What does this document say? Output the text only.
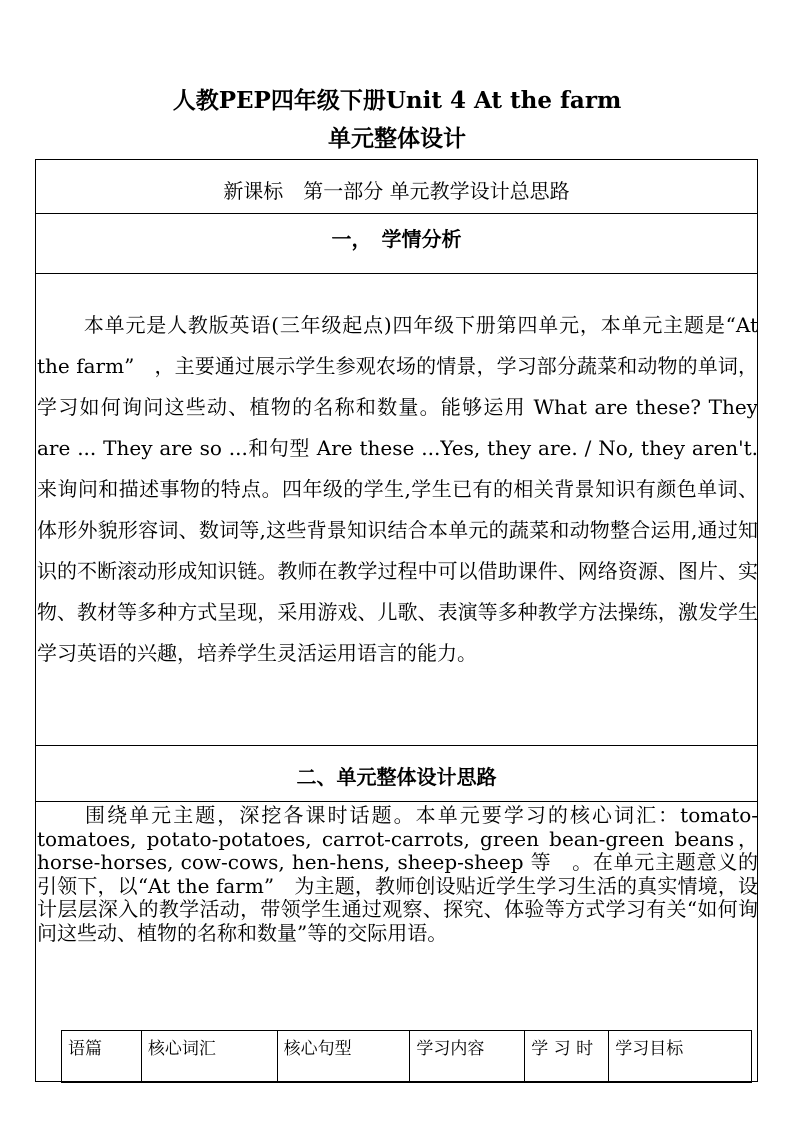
人教PEP四年级下册Unit 4 At the farm
单元整体设计
新课标　第一部分 单元教学设计总思路
一，　学情分析
本单元是人教版英语(三年级起点)四年级下册第四单元，本单元主题是“At the farm”　，主要通过展示学生参观农场的情景，学习部分蔬菜和动物的单词，学习如何询问这些动、植物的名称和数量。能够运用 What are these? They are ... They are so ...和句型 Are these ...Yes, they are. / No, they aren't.来询问和描述事物的特点。四年级的学生,学生已有的相关背景知识有颜色单词、体形外貌形容词、数词等,这些背景知识结合本单元的蔬菜和动物整合运用,通过知识的不断滚动形成知识链。教师在教学过程中可以借助课件、网络资源、图片、实物、教材等多种方式呈现，采用游戏、儿歌、表演等多种教学方法操练，激发学生学习英语的兴趣，培养学生灵活运用语言的能力。
二、单元整体设计思路
围绕单元主题，深挖各课时话题。本单元要学习的核心词汇：tomato-tomatoes, potato-potatoes, carrot-carrots, green bean-green beans，horse-horses, cow-cows, hen-hens, sheep-sheep 等　。在单元主题意义的引领下，以“At the farm”　为主题，教师创设贴近学生学习生活的真实情境，设计层层深入的教学活动，带领学生通过观察、探究、体验等方式学习有关“如何询问这些动、植物的名称和数量”等的交际用语。
语篇	核心词汇	核心句型	学习内容	学 习 时	学习目标
